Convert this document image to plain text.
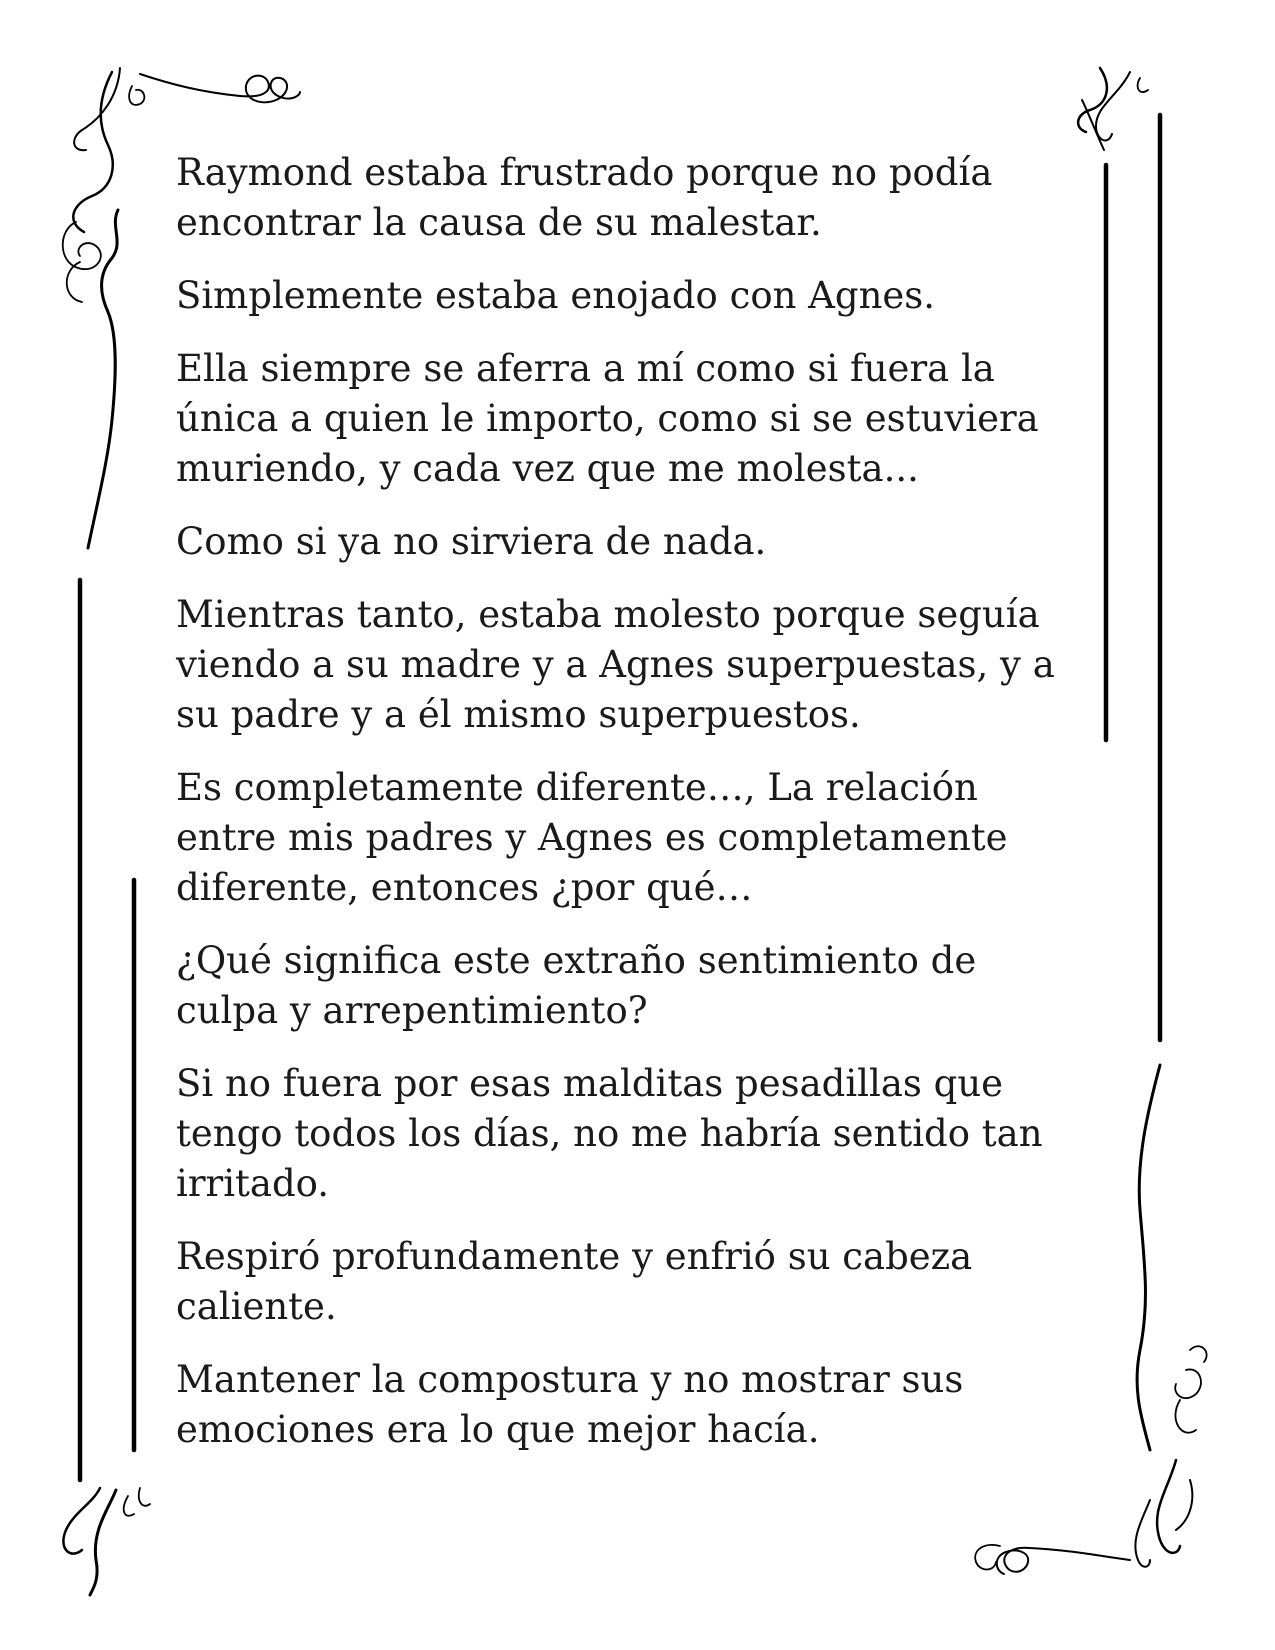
Raymond estaba frustrado porque no podía
encontrar la causa de su malestar.

Simplemente estaba enojado con Agnes.

Ella siempre se aferra a mí como si fuera la
única a quien le importo, como si se estuviera
muriendo, y cada vez que me molesta...

Como si ya no sirviera de nada.

Mientras tanto, estaba molesto porque seguía
viendo a su madre y a Agnes superpuestas, y a
su padre y a él mismo superpuestos.

Es completamente diferente…, La relación
entre mis padres y Agnes es completamente
diferente, entonces ¿por qué…

¿Qué significa este extraño sentimiento de
culpa y arrepentimiento?

Si no fuera por esas malditas pesadillas que
tengo todos los días, no me habría sentido tan
irritado.

Respiró profundamente y enfrió su cabeza
caliente.

Mantener la compostura y no mostrar sus
emociones era lo que mejor hacía.
